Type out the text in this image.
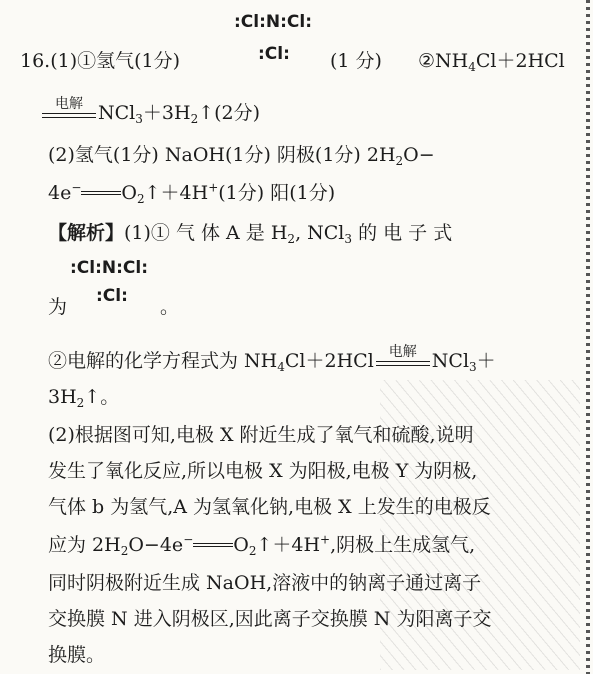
:Cl:N:Cl:
:Cl:
16.(1)①氢气(1分)	(1 分) $②NH_4Cl+2HCl$
电解 $NCl_3+3H_2↑(2$分)
(2)氢气(1分) NaOH(1分) 阴极(1分) $2H_2O-$
4e− $O_2↑+4H^+(1$分) 阳(1分)
【解析】(1)① 气 体 A 是 $H_2$, NCl$_3$ 的 电 子 式
:Cl:N:Cl:
:Cl:
为	。
②电解的化学方程式为 $NH_4Cl+2HCl$	电解 NCl$_3$＋
$3H_2↑$。
(2)根据图可知,电极 X 附近生成了氧气和硫酸,说明
发生了氧化反应,所以电极 X 为阳极,电极 Y 为阴极,
气体 b 为氢气,A 为氢氧化钠,电极 X 上发生的电极反
应为 $2H_2O-4e^-$ $O_2↑+4H^+$,阴极上生成氢气,
同时阴极附近生成 NaOH,溶液中的钠离子通过离子
交换膜 N 进入阴极区,因此离子交换膜 N 为阳离子交
换膜。
